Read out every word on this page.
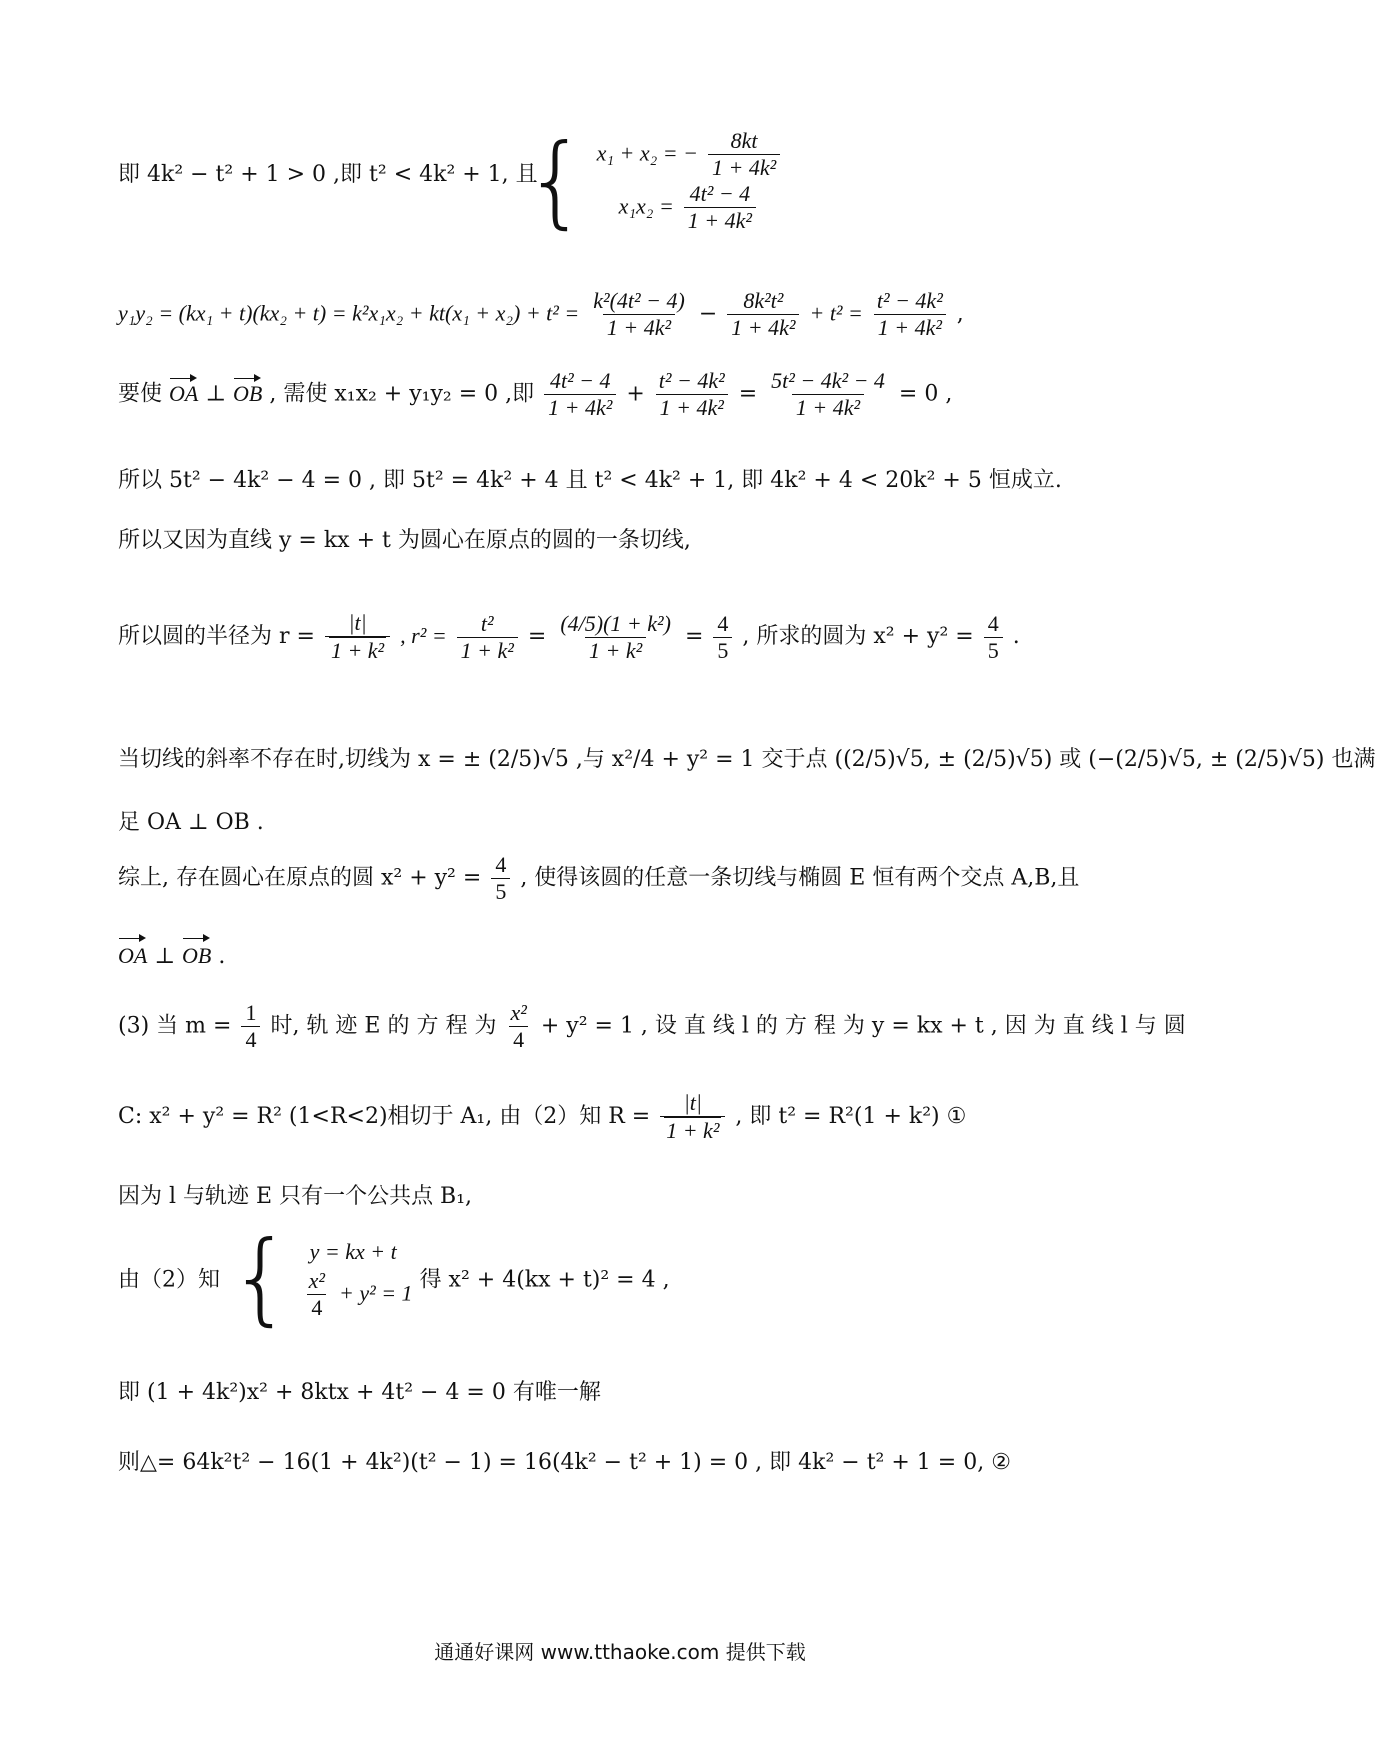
即 4k² − t² + 1 > 0 ,即 t² < 4k² + 1, 且
{ x₁ + x₂ = − $\frac{8kt}{\text{1 + 4k²}}$
$x_1x_2 = \frac{\text{4t² − 4}}{\text{1 + 4k²}}$
$y_1y_2 = (kx_1 + t)(kx_2 + t) = k^2x_1x_2 + kt(x_1 + x_2) + t^2 = \frac{\text{k²(4t² − 4)}}{\text{1 + 4k²}} - \frac{\text{8k²t²}}{\text{1 + 4k²}} + t^2 = \frac{\text{t² − 4k²}}{\text{1 + 4k²}}$ ,
要使 OA ⊥ OB , 需使 x₁x₂ + y₁y₂ = 0 ,即 $\frac{\text{4t² − 4}}{\text{1 + 4k²}} + \frac{\text{t² − 4k²}}{\text{1 + 4k²}} = \frac{\text{5t² − 4k² − 4}}{\text{1 + 4k²}} = 0$ ,
所以 5t² − 4k² − 4 = 0 , 即 5t² = 4k² + 4 且 t² < 4k² + 1, 即 4k² + 4 < 20k² + 5 恒成立.
所以又因为直线 y = kx + t 为圆心在原点的圆的一条切线,
所以圆的半径为 $r = \frac{|t|}{\text{1 + k²}}$ , $r^2 = \frac{\text{t²}}{\text{1 + k²}} = \frac{\text{(4/5)(1 + k²)}}{\text{1 + k²}} = \frac{4}{5}$ , 所求的圆为 $x^2 + y^2 = \frac{4}{5}$ .
当切线的斜率不存在时,切线为 x = ± (2/5)√5 ,与 x²/4 + y² = 1 交于点 ((2/5)√5, ± (2/5)√5) 或 (−(2/5)√5, ± (2/5)√5) 也满
足 OA ⊥ OB .
综上, 存在圆心在原点的圆 $x^2 + y^2 = \frac{4}{5}$ , 使得该圆的任意一条切线与椭圆 E 恒有两个交点 A,B,且
OA ⊥ OB .
(3) 当 $m = \frac{1}{4}$ 时, 轨 迹 E 的 方 程 为 $\frac{\text{x²}}{4} + y^2 = 1$ , 设 直 线 l 的 方 程 为 y = kx + t , 因 为 直 线 l 与 圆
C: x² + y² = R² (1<R<2)相切于 A₁, 由（2）知 $R = \frac{|t|}{\text{1 + k²}}$ , 即 t² = R²(1 + k²) ①
因为 l 与轨迹 E 只有一个公共点 B₁,
由（2）知 { y = kx + t
$\frac{\text{x²}}{4} + y^2 = 1$ 得 x² + 4(kx + t)² = 4 ,
即 (1 + 4k²)x² + 8ktx + 4t² − 4 = 0 有唯一解
则△= 64k²t² − 16(1 + 4k²)(t² − 1) = 16(4k² − t² + 1) = 0 , 即 4k² − t² + 1 = 0, ②
通通好课网 www.tthaoke.com 提供下载
